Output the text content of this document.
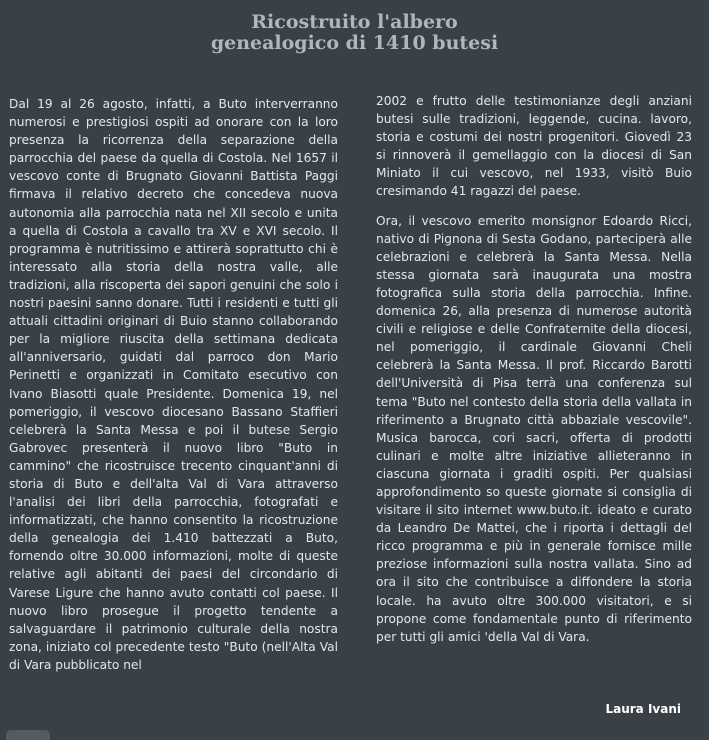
Ricostruito l'albero
genealogico di 1410 butesi

Dal 19 al 26 agosto, infatti, a Buto interverranno numerosi e prestigiosi ospiti ad onorare con la loro presenza la ricorrenza della separazione della parrocchia del paese da quella di Costola. Nel 1657 il vescovo conte di Brugnato Giovanni Battista Paggi firmava il relativo decreto che concedeva nuova autonomia alla parrocchia nata nel XII secolo e unita a quella di Costola a cavallo tra XV e XVI secolo. Il programma è nutritissimo e attirerà soprattutto chi è interessato alla storia della nostra valle, alle tradizioni, alla riscoperta dei sapori genuini che solo i nostri paesini sanno donare. Tutti i residenti e tutti gli attuali cittadini originari di Buio stanno collaborando per la migliore riuscita della settimana dedicata all'anniversario, guidati dal parroco don Mario Perinetti e organizzati in Comitato esecutivo con Ivano Biasotti quale Presidente. Domenica 19, nel pomeriggio, il vescovo diocesano Bassano Staffieri celebrerà la Santa Messa e poi il butese Sergio Gabrovec presenterà il nuovo libro "Buto in cammino" che ricostruisce trecento cinquant'anni di storia di Buto e dell'alta Val di Vara attraverso l'analisi dei libri della parrocchia, fotografati e informatizzati, che hanno consentito la ricostruzione della genealogia dei 1.410 battezzati a Buto, fornendo oltre 30.000 informazioni, molte di queste relative agli abitanti dei paesi del circondario di Varese Ligure che hanno avuto contatti col paese. Il nuovo libro prosegue il progetto tendente a salvaguardare il patrimonio culturale della nostra zona, iniziato col precedente testo "Buto (nell'Alta Val di Vara pubblicato nel

2002 e frutto delle testimonianze degli anziani butesi sulle tradizioni, leggende, cucina. lavoro, storia e costumi dei nostri progenitori. Giovedì 23 si rinnoverà il gemellaggio con la diocesi di San Miniato il cui vescovo, nel 1933, visitò Buio cresimando 41 ragazzi del paese.

Ora, il vescovo emerito monsignor Edoardo Ricci, nativo di Pignona di Sesta Godano, parteciperà alle celebrazioni e celebrerà la Santa Messa. Nella stessa giornata sarà inaugurata una mostra fotografica sulla storia della parrocchia. Infine. domenica 26, alla presenza di numerose autorità civili e religiose e delle Confraternite della diocesi, nel pomeriggio, il cardinale Giovanni Cheli celebrerà la Santa Messa. Il prof. Riccardo Barotti dell'Università di Pisa terrà una conferenza sul tema "Buto nel contesto della storia della vallata in riferimento a Brugnato città abbaziale vescovile". Musica barocca, cori sacri, offerta di prodotti culinari e molte altre iniziative allieteranno in ciascuna giornata i graditi ospiti. Per qualsiasi approfondimento so queste giornate si consiglia di visitare il sito internet www.buto.it. ideato e curato da Leandro De Mattei, che i riporta i dettagli del ricco programma e più in generale fornisce mille preziose informazioni sulla nostra vallata. Sino ad ora il sito che contribuisce a diffondere la storia locale. ha avuto oltre 300.000 visitatori, e si propone come fondamentale punto di riferimento per tutti gli amici 'della Val di Vara.

Laura Ivani
